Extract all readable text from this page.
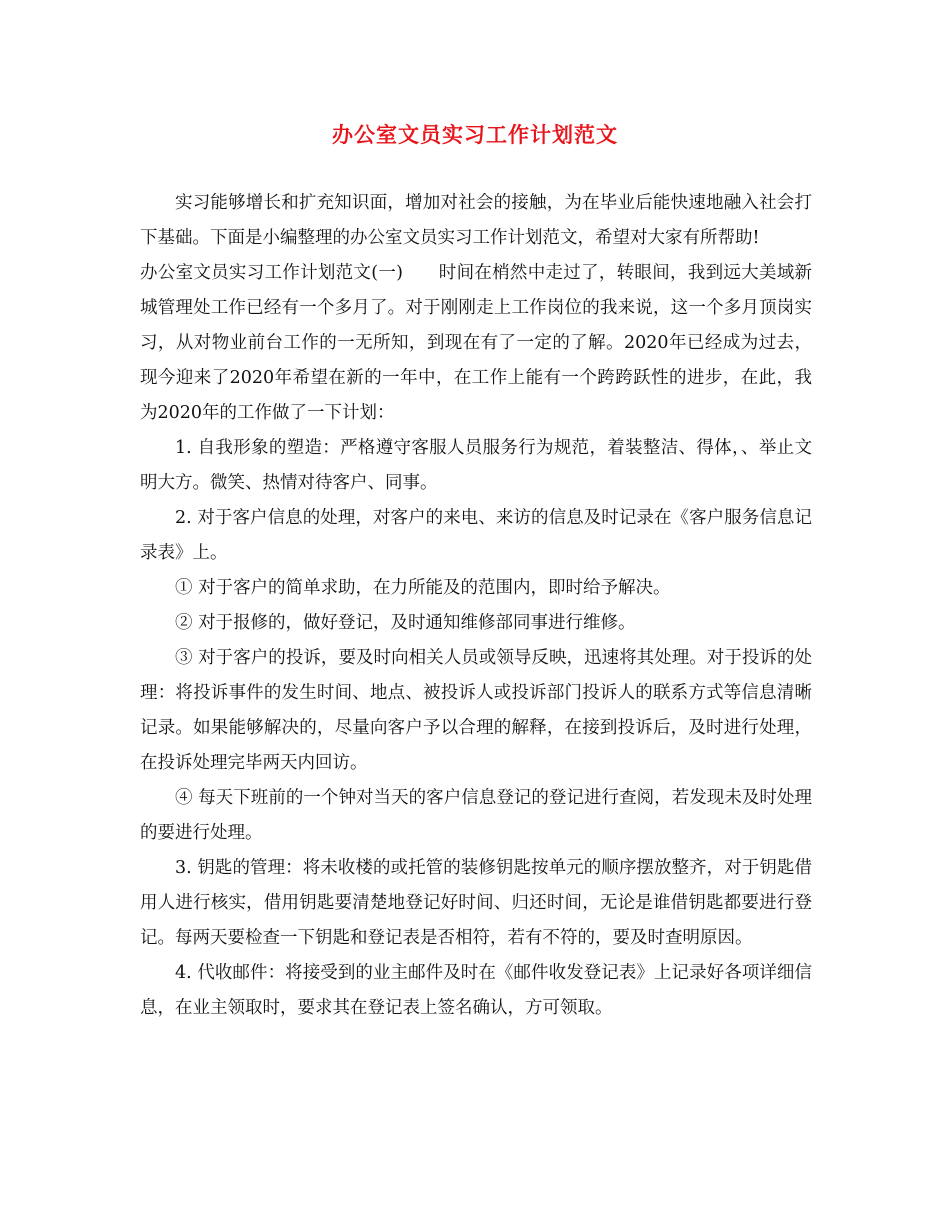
办公室文员实习工作计划范文

实习能够增长和扩充知识面，增加对社会的接触，为在毕业后能快速地融入社会打下基础。下面是小编整理的办公室文员实习工作计划范文，希望对大家有所帮助!

办公室文员实习工作计划范文(一)　　时间在梢然中走过了，转眼间，我到远大美域新城管理处工作已经有一个多月了。对于刚刚走上工作岗位的我来说，这一个多月顶岗实习，从对物业前台工作的一无所知，到现在有了一定的了解。2020年已经成为过去，现今迎来了2020年希望在新的一年中，在工作上能有一个跨跨跃性的进步，在此，我为2020年的工作做了一下计划：

1. 自我形象的塑造：严格遵守客服人员服务行为规范，着装整洁、得体，、举止文明大方。微笑、热情对待客户、同事。

2. 对于客户信息的处理，对客户的来电、来访的信息及时记录在《客户服务信息记录表》上。

① 对于客户的简单求助，在力所能及的范围内，即时给予解决。

② 对于报修的，做好登记，及时通知维修部同事进行维修。

③ 对于客户的投诉，要及时向相关人员或领导反映，迅速将其处理。对于投诉的处理：将投诉事件的发生时间、地点、被投诉人或投诉部门投诉人的联系方式等信息清晰记录。如果能够解决的，尽量向客户予以合理的解释，在接到投诉后，及时进行处理，在投诉处理完毕两天内回访。

④ 每天下班前的一个钟对当天的客户信息登记的登记进行查阅，若发现未及时处理的要进行处理。

3. 钥匙的管理：将未收楼的或托管的装修钥匙按单元的顺序摆放整齐，对于钥匙借用人进行核实，借用钥匙要清楚地登记好时间、归还时间，无论是谁借钥匙都要进行登记。每两天要检查一下钥匙和登记表是否相符，若有不符的，要及时查明原因。

4. 代收邮件：将接受到的业主邮件及时在《邮件收发登记表》上记录好各项详细信息，在业主领取时，要求其在登记表上签名确认，方可领取。
